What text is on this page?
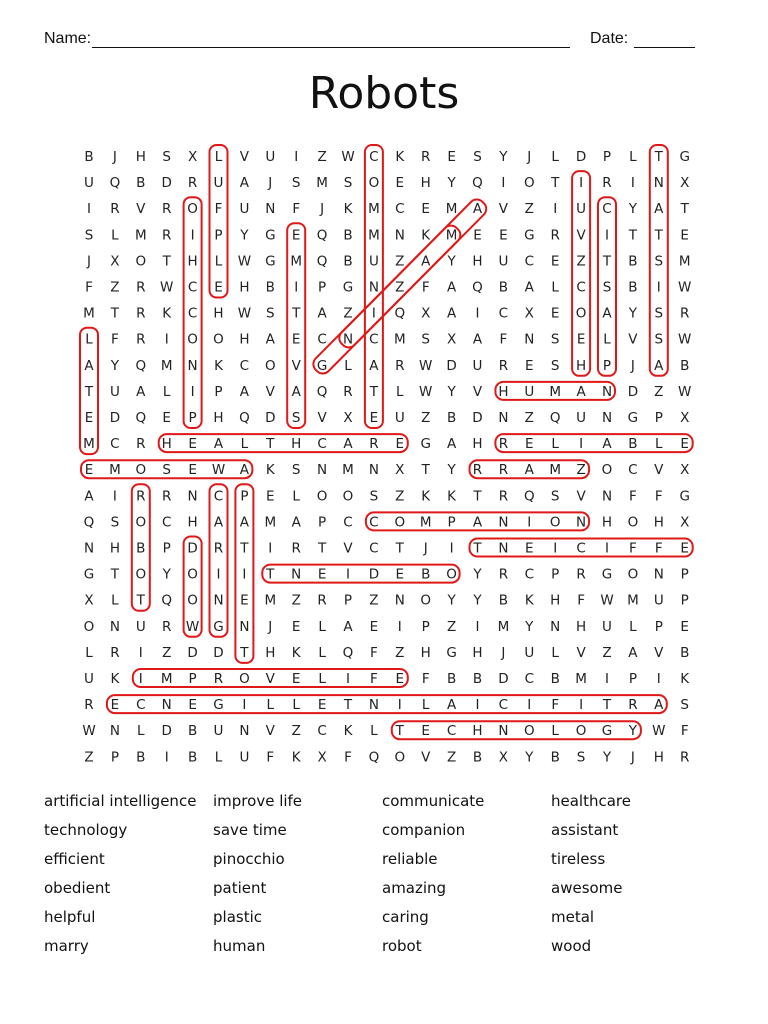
Name:	Date:
Robots
B J H S X L V U I Z W C K R E S Y J L D P L T G
U Q B D R U A J S M S O E H Y Q I O T I R I N X
I R V R O F U N F J K M C E M A V Z I U C Y A T
S L M R I P Y G E Q B M N K M E E G R V I T T E
J X O T H L W G M Q B U Z A Y H U C E Z T B S M
F Z R W C E H B I P G N Z F A Q B A L C S B I W
M T R K C H W S T A Z I Q X A I C X E O A Y S R
L F R I O O H A E C N C M S X A F N S E L V S W
A Y Q M N K C O V G L A R W D U R E S H P J A B
T U A L I P A V A Q R T L W Y V H U M A N D Z W
E D Q E P H Q D S V X E U Z B D N Z Q U N G P X
M C R H E A L T H C A R E G A H R E L I A B L E
E M O S E W A K S N M N X T Y R R A M Z O C V X
A I R R N C P E L O O S Z K K T R Q S V N F F G
Q S O C H A A M A P C C O M P A N I O N H O H X
N H B P D R T I R T V C T J I T N E I C I F F E
G T O Y O I I T N E I D E B O Y R C P R G O N P
X L T Q O N E M Z R P Z N O Y Y B K H F W M U P
O N U R W G N J E L A E I P Z I M Y N H U L P E
L R I Z D D T H K L Q F Z H G H J U L V Z A V B
U K I M P R O V E L I F E F B B D C B M I P I K
R E C N E G I L L E T N I L A I C I F I T R A S
W N L D B U N V Z C K L T E C H N O L O G Y W F
Z P B I B L U F K X F Q O V Z B X Y B S Y J H R
artificial intelligence
technology
efficient
obedient
helpful
marry
improve life
save time
pinocchio
patient
plastic
human
communicate
companion
reliable
amazing
caring
robot
healthcare
assistant
tireless
awesome
metal
wood
